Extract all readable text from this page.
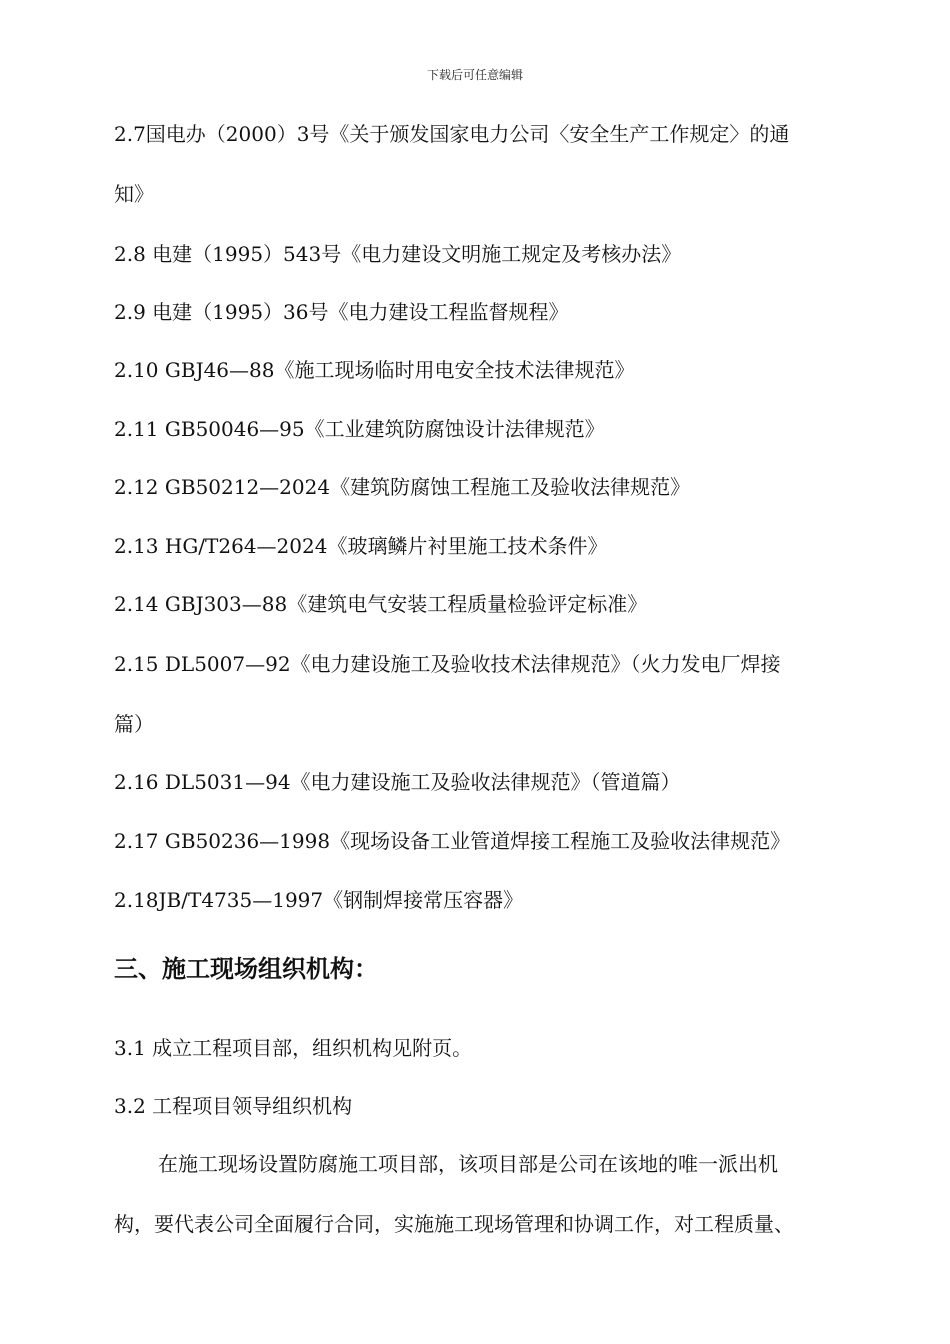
下载后可任意编辑
2.7国电办（2000）3号《关于颁发国家电力公司〈安全生产工作规定〉的通
知》
2.8 电建（1995）543号《电力建设文明施工规定及考核办法》
2.9 电建（1995）36号《电力建设工程监督规程》
2.10 GBJ46—88《施工现场临时用电安全技术法律规范》
2.11 GB50046—95《工业建筑防腐蚀设计法律规范》
2.12 GB50212—2024《建筑防腐蚀工程施工及验收法律规范》
2.13 HG/T264—2024《玻璃鳞片衬里施工技术条件》
2.14 GBJ303—88《建筑电气安装工程质量检验评定标准》
2.15 DL5007—92《电力建设施工及验收技术法律规范》（火力发电厂焊接
篇）
2.16 DL5031—94《电力建设施工及验收法律规范》（管道篇）
2.17 GB50236—1998《现场设备工业管道焊接工程施工及验收法律规范》
2.18JB/T4735—1997《钢制焊接常压容器》
三、施工现场组织机构：
3.1 成立工程项目部，组织机构见附页。
3.2 工程项目领导组织机构
在施工现场设置防腐施工项目部，该项目部是公司在该地的唯一派出机
构，要代表公司全面履行合同，实施施工现场管理和协调工作，对工程质量、
